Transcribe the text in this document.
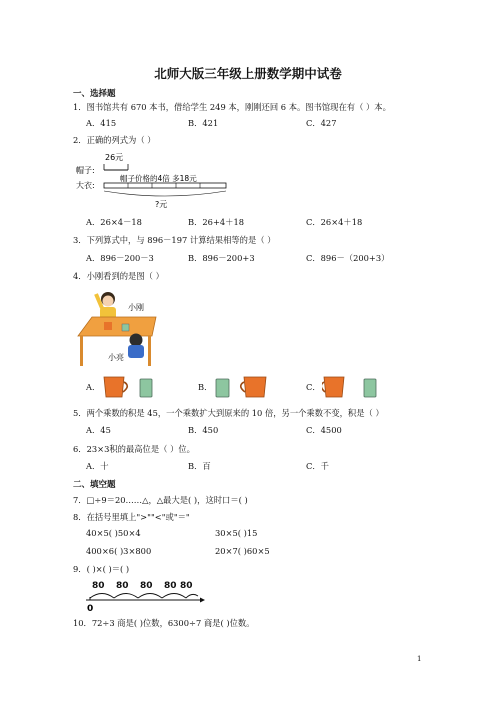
北师大版三年级上册数学期中试卷
一、选择题
1．图书馆共有 670 本书，借给学生 249 本，刚刚还回 6 本。图书馆现在有（ ）本。
A．415	B．421	C．427
2．正确的列式为（ ）
26元
帽子:
大衣:
帽子价格的4倍 多18元
?元
A．26×4－18	B．26+4＋18	C．26×4＋18
3．下列算式中，与 896－197 计算结果相等的是（ ）
A．896－200－3	B．896－200+3	C．896－（200+3）
4．小刚看到的是图（ ）
小刚
小亮
A．	B．	C．
5．两个乘数的积是 45，一个乘数扩大到原来的 10 倍，另一个乘数不变，积是（ ）
A．45	B．450	C．4500
6．23×3积的最高位是（ ）位。
A．十	B．百	C．千
二、填空题
7．□÷9＝20……△，△最大是( )，这时口＝( )
8．在括号里填上">""<"或"＝"
40×5( )50×4	30×5( )15
400×6( )3×800	20×7( )60×5
9．( )×( )＝( )
80 80 80 80 80
0
10．72÷3 商是( )位数，6300÷7 商是( )位数。
1
